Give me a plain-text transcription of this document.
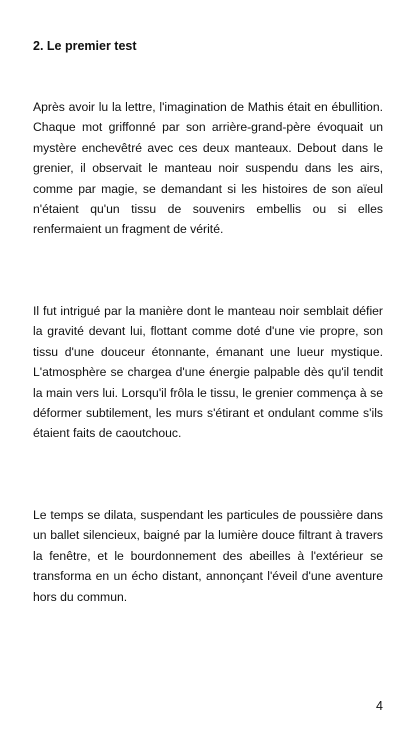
2. Le premier test

Après avoir lu la lettre, l'imagination de Mathis était en ébullition. Chaque mot griffonné par son arrière-grand-père évoquait un mystère enchevêtré avec ces deux manteaux. Debout dans le grenier, il observait le manteau noir suspendu dans les airs, comme par magie, se demandant si les histoires de son aïeul n'étaient qu'un tissu de souvenirs embellis ou si elles renfermaient un fragment de vérité.

Il fut intrigué par la manière dont le manteau noir semblait défier la gravité devant lui, flottant comme doté d'une vie propre, son tissu d'une douceur étonnante, émanant une lueur mystique. L'atmosphère se chargea d'une énergie palpable dès qu'il tendit la main vers lui. Lorsqu'il frôla le tissu, le grenier commença à se déformer subtilement, les murs s'étirant et ondulant comme s'ils étaient faits de caoutchouc.

Le temps se dilata, suspendant les particules de poussière dans un ballet silencieux, baigné par la lumière douce filtrant à travers la fenêtre, et le bourdonnement des abeilles à l'extérieur se transforma en un écho distant, annonçant l'éveil d'une aventure hors du commun.

4
